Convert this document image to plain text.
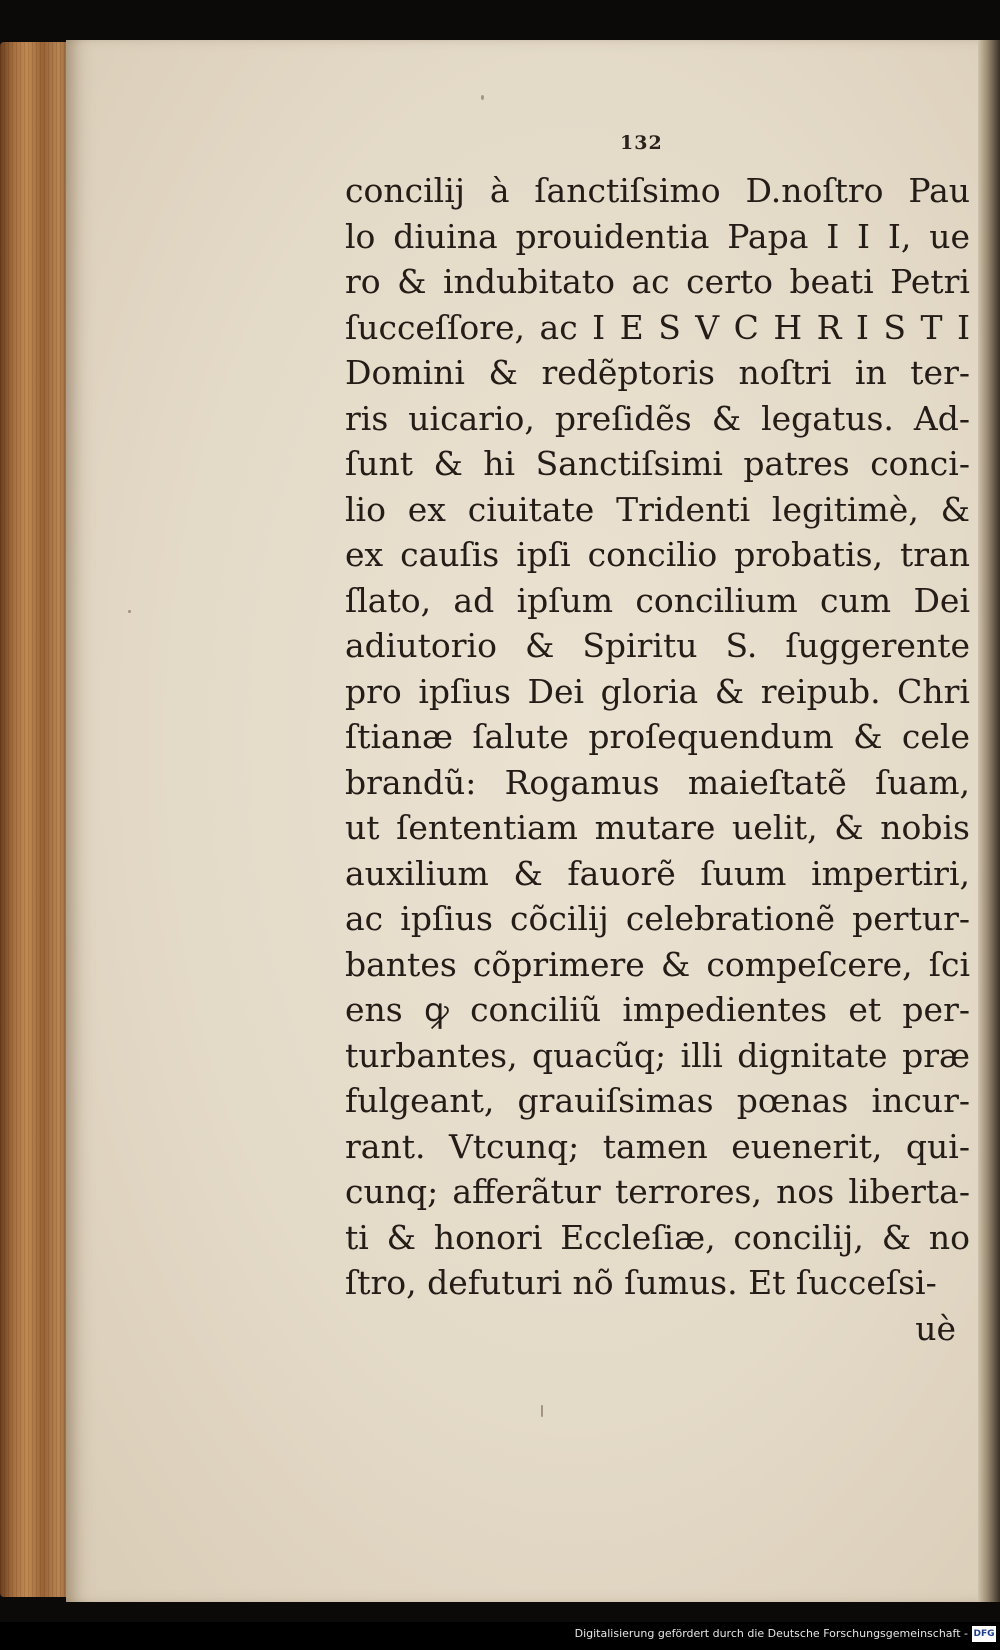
132
concilij à ſanctiſsimo D.noſtro Pau
lo diuina prouidentia Papa I I I, ue
ro & indubitato ac certo beati Petri
ſucceſſore, ac I E S V C H R I S T I
Domini & redẽptoris noſtri in ter-
ris uicario, preſidẽs & legatus. Ad-
ſunt & hi Sanctiſsimi patres conci-
lio ex ciuitate Tridenti legitimè, &
ex cauſis ipſi concilio probatis, tran
ſlato, ad ipſum concilium cum Dei
adiutorio & Spiritu S. ſuggerente
pro ipſius Dei gloria & reipub. Chri
ſtianæ ſalute proſequendum & cele
brandũ: Rogamus maieſtatẽ ſuam,
ut ſententiam mutare uelit, & nobis
auxilium & fauorẽ ſuum impertiri,
ac ipſius cõcilij celebrationẽ pertur-
bantes cõprimere & compeſcere, ſci
ens ꝙ conciliũ impedientes et per-
turbantes, quacũq; illi dignitate præ
fulgeant, grauiſsimas pœnas incur-
rant. Vtcunq; tamen euenerit, qui-
cunq; afferãtur terrores, nos liberta-
ti & honori Eccleſiæ, concilij, & no
ſtro, defuturi nõ ſumus. Et ſucceſsi-
uè
Digitalisierung gefördert durch die Deutsche Forschungsgemeinschaft - DFG
